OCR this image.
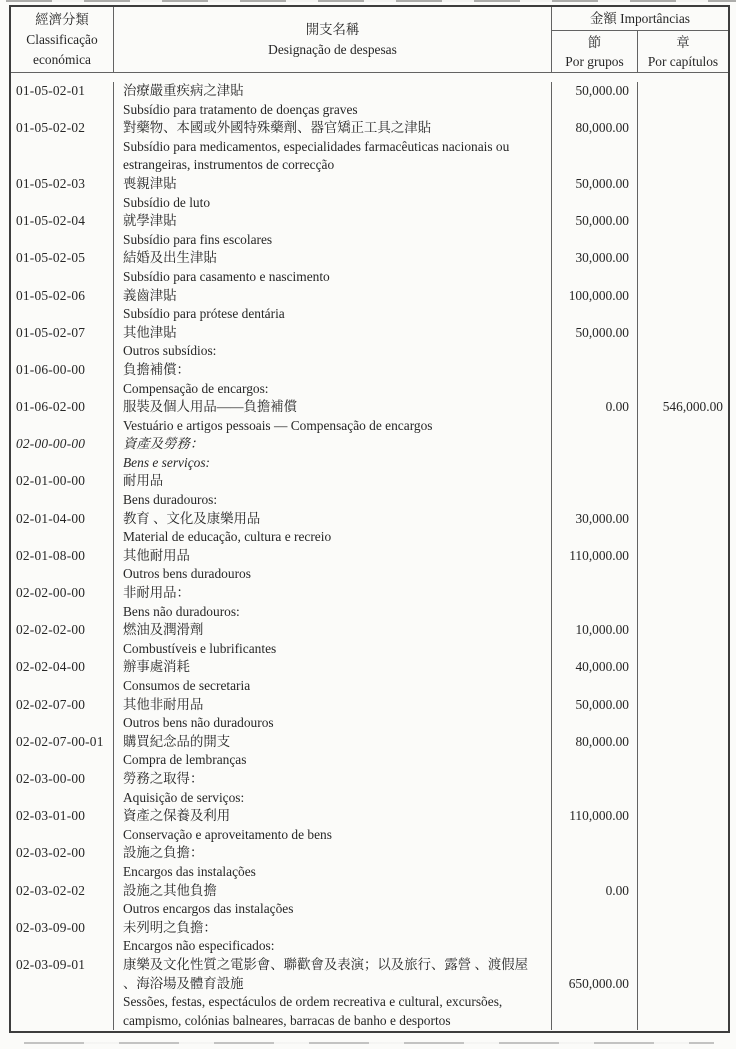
經濟分類
Classificação
económica
開支名稱
Designação de despesas
金額 Importâncias
節
Por grupos
章
Por capítulos
01-05-02-01	治療嚴重疾病之津貼	50,000.00
Subsídio para tratamento de doenças graves
01-05-02-02	對藥物、本國或外國特殊藥劑、器官矯正工具之津貼	80,000.00
Subsídio para medicamentos, especialidades farmacêuticas nacionais ou
estrangeiras, instrumentos de correcção
01-05-02-03	喪親津貼	50,000.00
Subsídio de luto
01-05-02-04	就學津貼	50,000.00
Subsídio para fins escolares
01-05-02-05	結婚及出生津貼	30,000.00
Subsídio para casamento e nascimento
01-05-02-06	義齒津貼	100,000.00
Subsídio para prótese dentária
01-05-02-07	其他津貼	50,000.00
Outros subsídios:
01-06-00-00	負擔補償：
Compensação de encargos:
01-06-02-00	服裝及個人用品——負擔補償	0.00	546,000.00
Vestuário e artigos pessoais — Compensação de encargos
02-00-00-00	資產及勞務：
Bens e serviços:
02-01-00-00	耐用品
Bens duradouros:
02-01-04-00	教育 、文化及康樂用品	30,000.00
Material de educação, cultura e recreio
02-01-08-00	其他耐用品	110,000.00
Outros bens duradouros
02-02-00-00	非耐用品：
Bens não duradouros:
02-02-02-00	燃油及潤滑劑	10,000.00
Combustíveis e lubrificantes
02-02-04-00	辦事處消耗	40,000.00
Consumos de secretaria
02-02-07-00	其他非耐用品	50,000.00
Outros bens não duradouros
02-02-07-00-01	購買紀念品的開支	80,000.00
Compra de lembranças
02-03-00-00	勞務之取得：
Aquisição de serviços:
02-03-01-00	資產之保養及利用	110,000.00
Conservação e aproveitamento de bens
02-03-02-00	設施之負擔：
Encargos das instalações
02-03-02-02	設施之其他負擔	0.00
Outros encargos das instalações
02-03-09-00	未列明之負擔：
Encargos não especificados:
02-03-09-01	康樂及文化性質之電影會、聯歡會及表演；以及旅行、露營 、渡假屋
、海浴場及體育設施	650,000.00
Sessões, festas, espectáculos de ordem recreativa e cultural, excursões,
campismo, colónias balneares, barracas de banho e desportos
